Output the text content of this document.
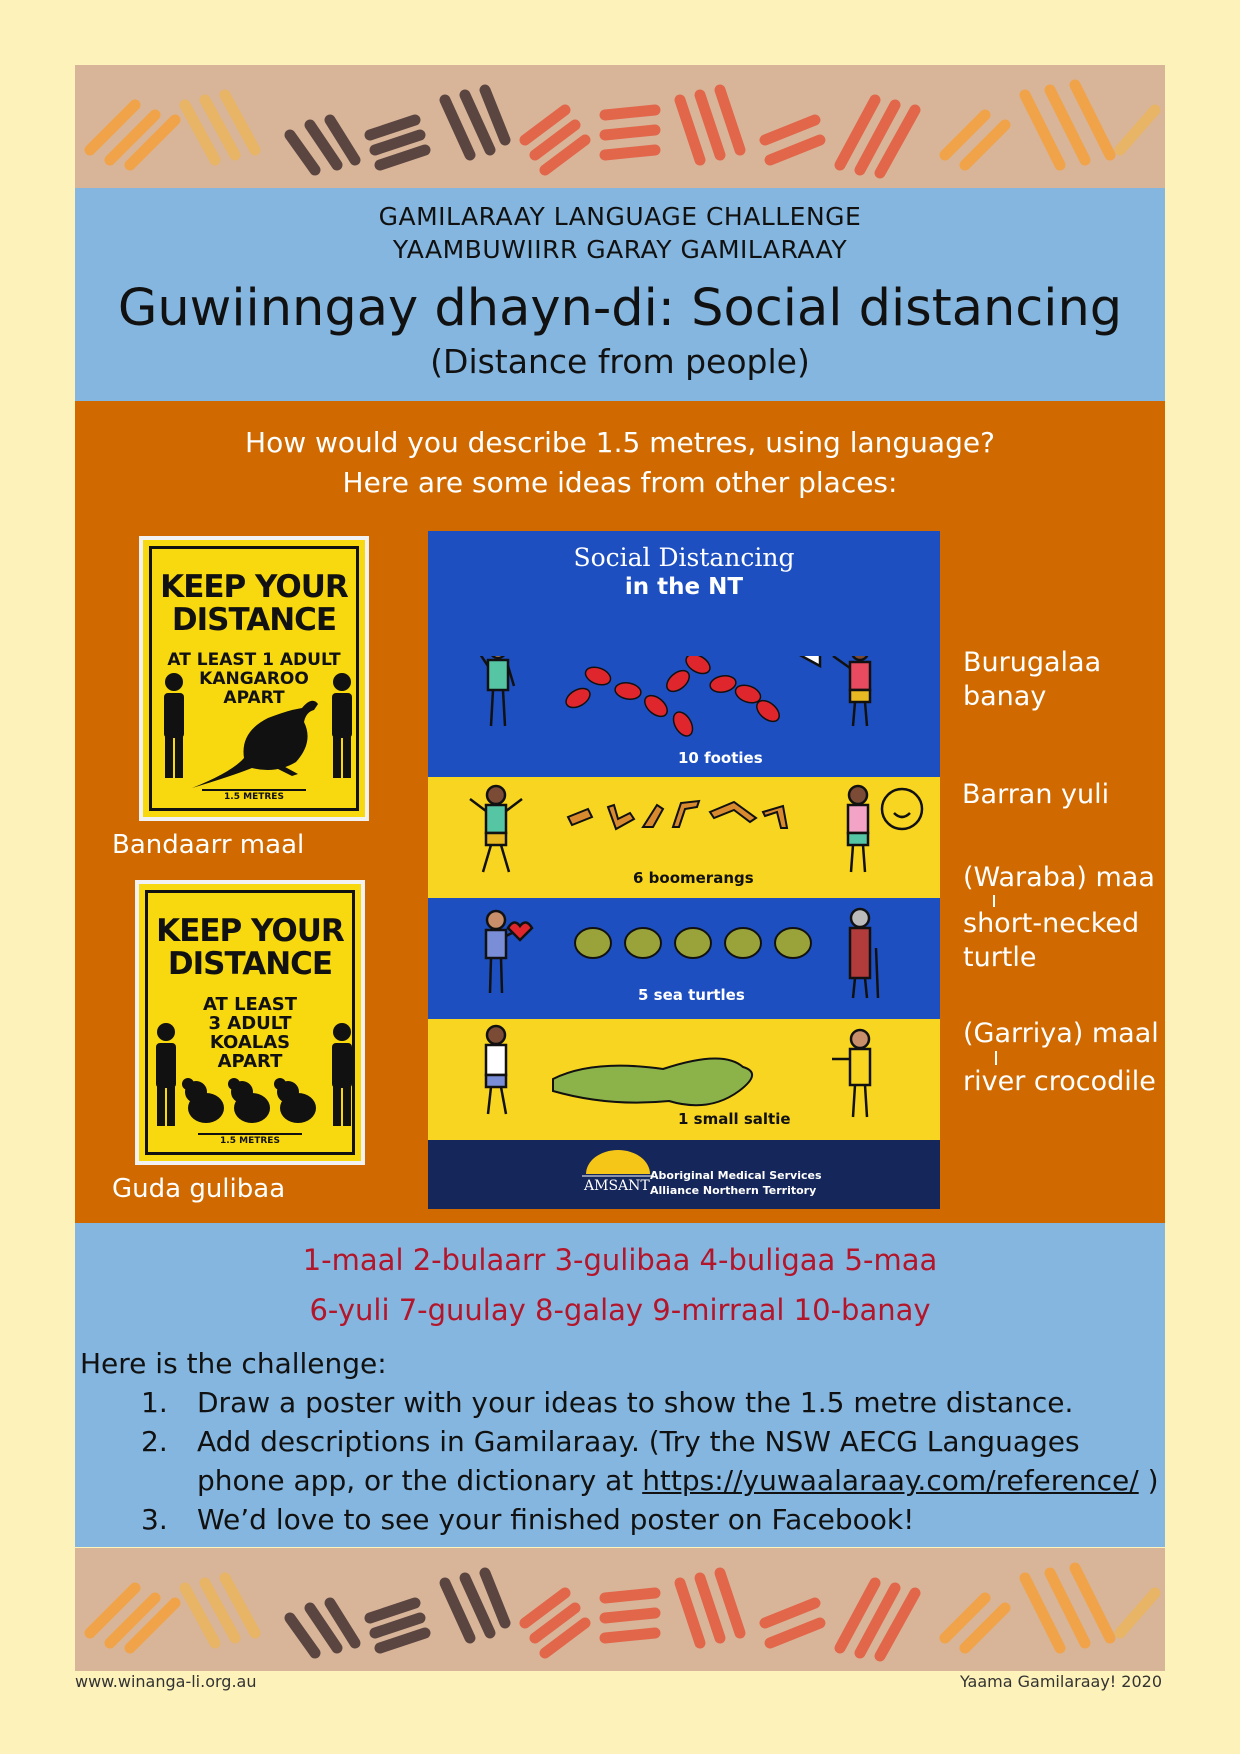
GAMILARAAY LANGUAGE CHALLENGE
YAAMBUWIIRR GARAY GAMILARAAY
Guwiinngay dhayn-di: Social distancing
(Distance from people)
How would you describe 1.5 metres, using language?
Here are some ideas from other places:
KEEP YOUR
DISTANCE
AT LEAST 1 ADULT
KANGAROO
APART
1.5 METRES
Bandaarr maal
KEEP YOUR
DISTANCE
AT LEAST
3 ADULT
KOALAS
APART
1.5 METRES
Guda gulibaa
Social Distancing
in the NT
10 footies
6 boomerangs
5 sea turtles
1 small saltie
AMSANT
Aboriginal Medical Services
Alliance Northern Territory
Burugalaa
banay
Barran yuli
(Waraba) maa
short-necked
turtle
(Garriya) maal
river crocodile
1-maal 2-bulaarr 3-gulibaa 4-buligaa 5-maa
6-yuli 7-guulay 8-galay 9-mirraal 10-banay
Here is the challenge:
1. Draw a poster with your ideas to show the 1.5 metre distance.
2. Add descriptions in Gamilaraay. (Try the NSW AECG Languages phone app, or the dictionary at https://yuwaalaraay.com/reference/ )
3. We’d love to see your finished poster on Facebook!
www.winanga-li.org.au	Yaama Gamilaraay! 2020
